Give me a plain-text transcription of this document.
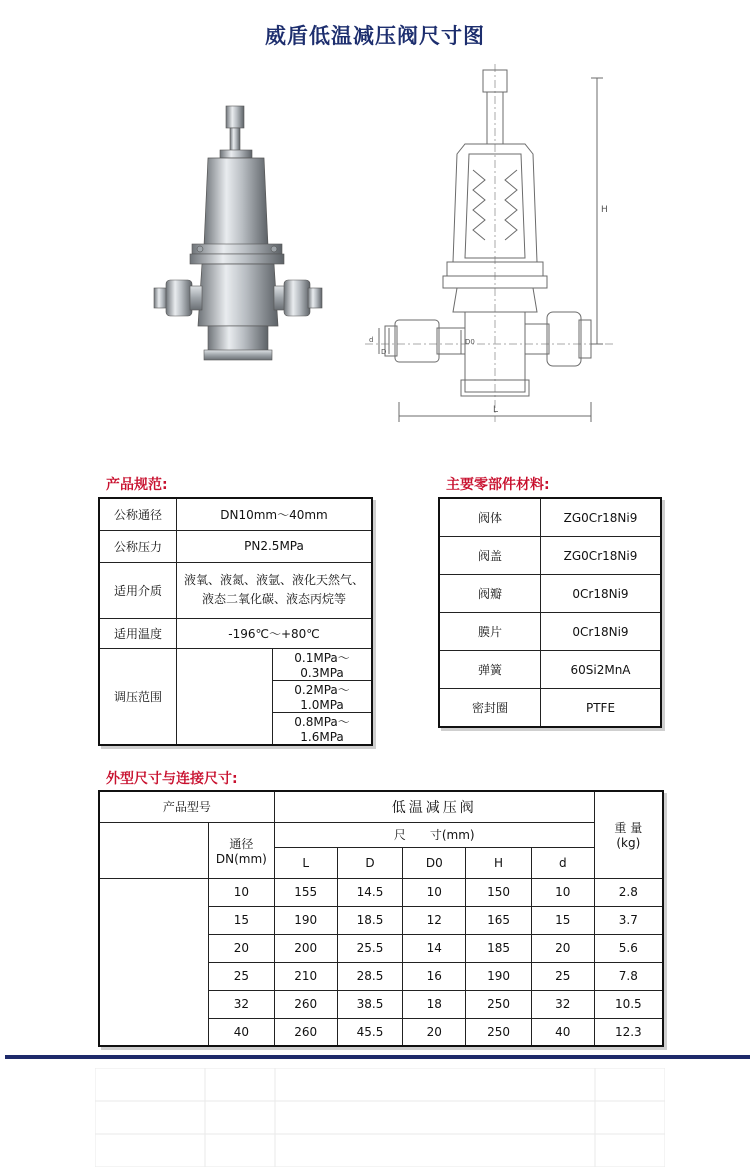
威盾低温减压阀尺寸图
H
L
D0
d
D
产品规范:
公称通径	DN10mm～40mm	
公称压力	PN2.5MPa	
适用介质	液氧、液氮、液氩、液化天然气、
液态二氧化碳、液态丙烷等	

适用温度	-196℃～+80℃	
调压范围		0.1MPa～0.3MPa
		0.2MPa～1.0MPa
		0.8MPa～1.6MPa
主要零部件材料:
阀体	ZG0Cr18Ni9
阀盖	ZG0Cr18Ni9
阀瓣	0Cr18Ni9
膜片	0Cr18Ni9
弹簧	60Si2MnA
密封圈	PTFE
外型尺寸与连接尺寸:
产品型号		低温减压阀					重 量
(kg)

	通径
DN(mm)	尺　　寸(mm)					
		L	D	D0	H	d	
	10	155	14.5	10	150	10	2.8
	15	190	18.5	12	165	15	3.7
	20	200	25.5	14	185	20	5.6
	25	210	28.5	16	190	25	7.8
	32	260	38.5	18	250	32	10.5
	40	260	45.5	20	250	40	12.3
